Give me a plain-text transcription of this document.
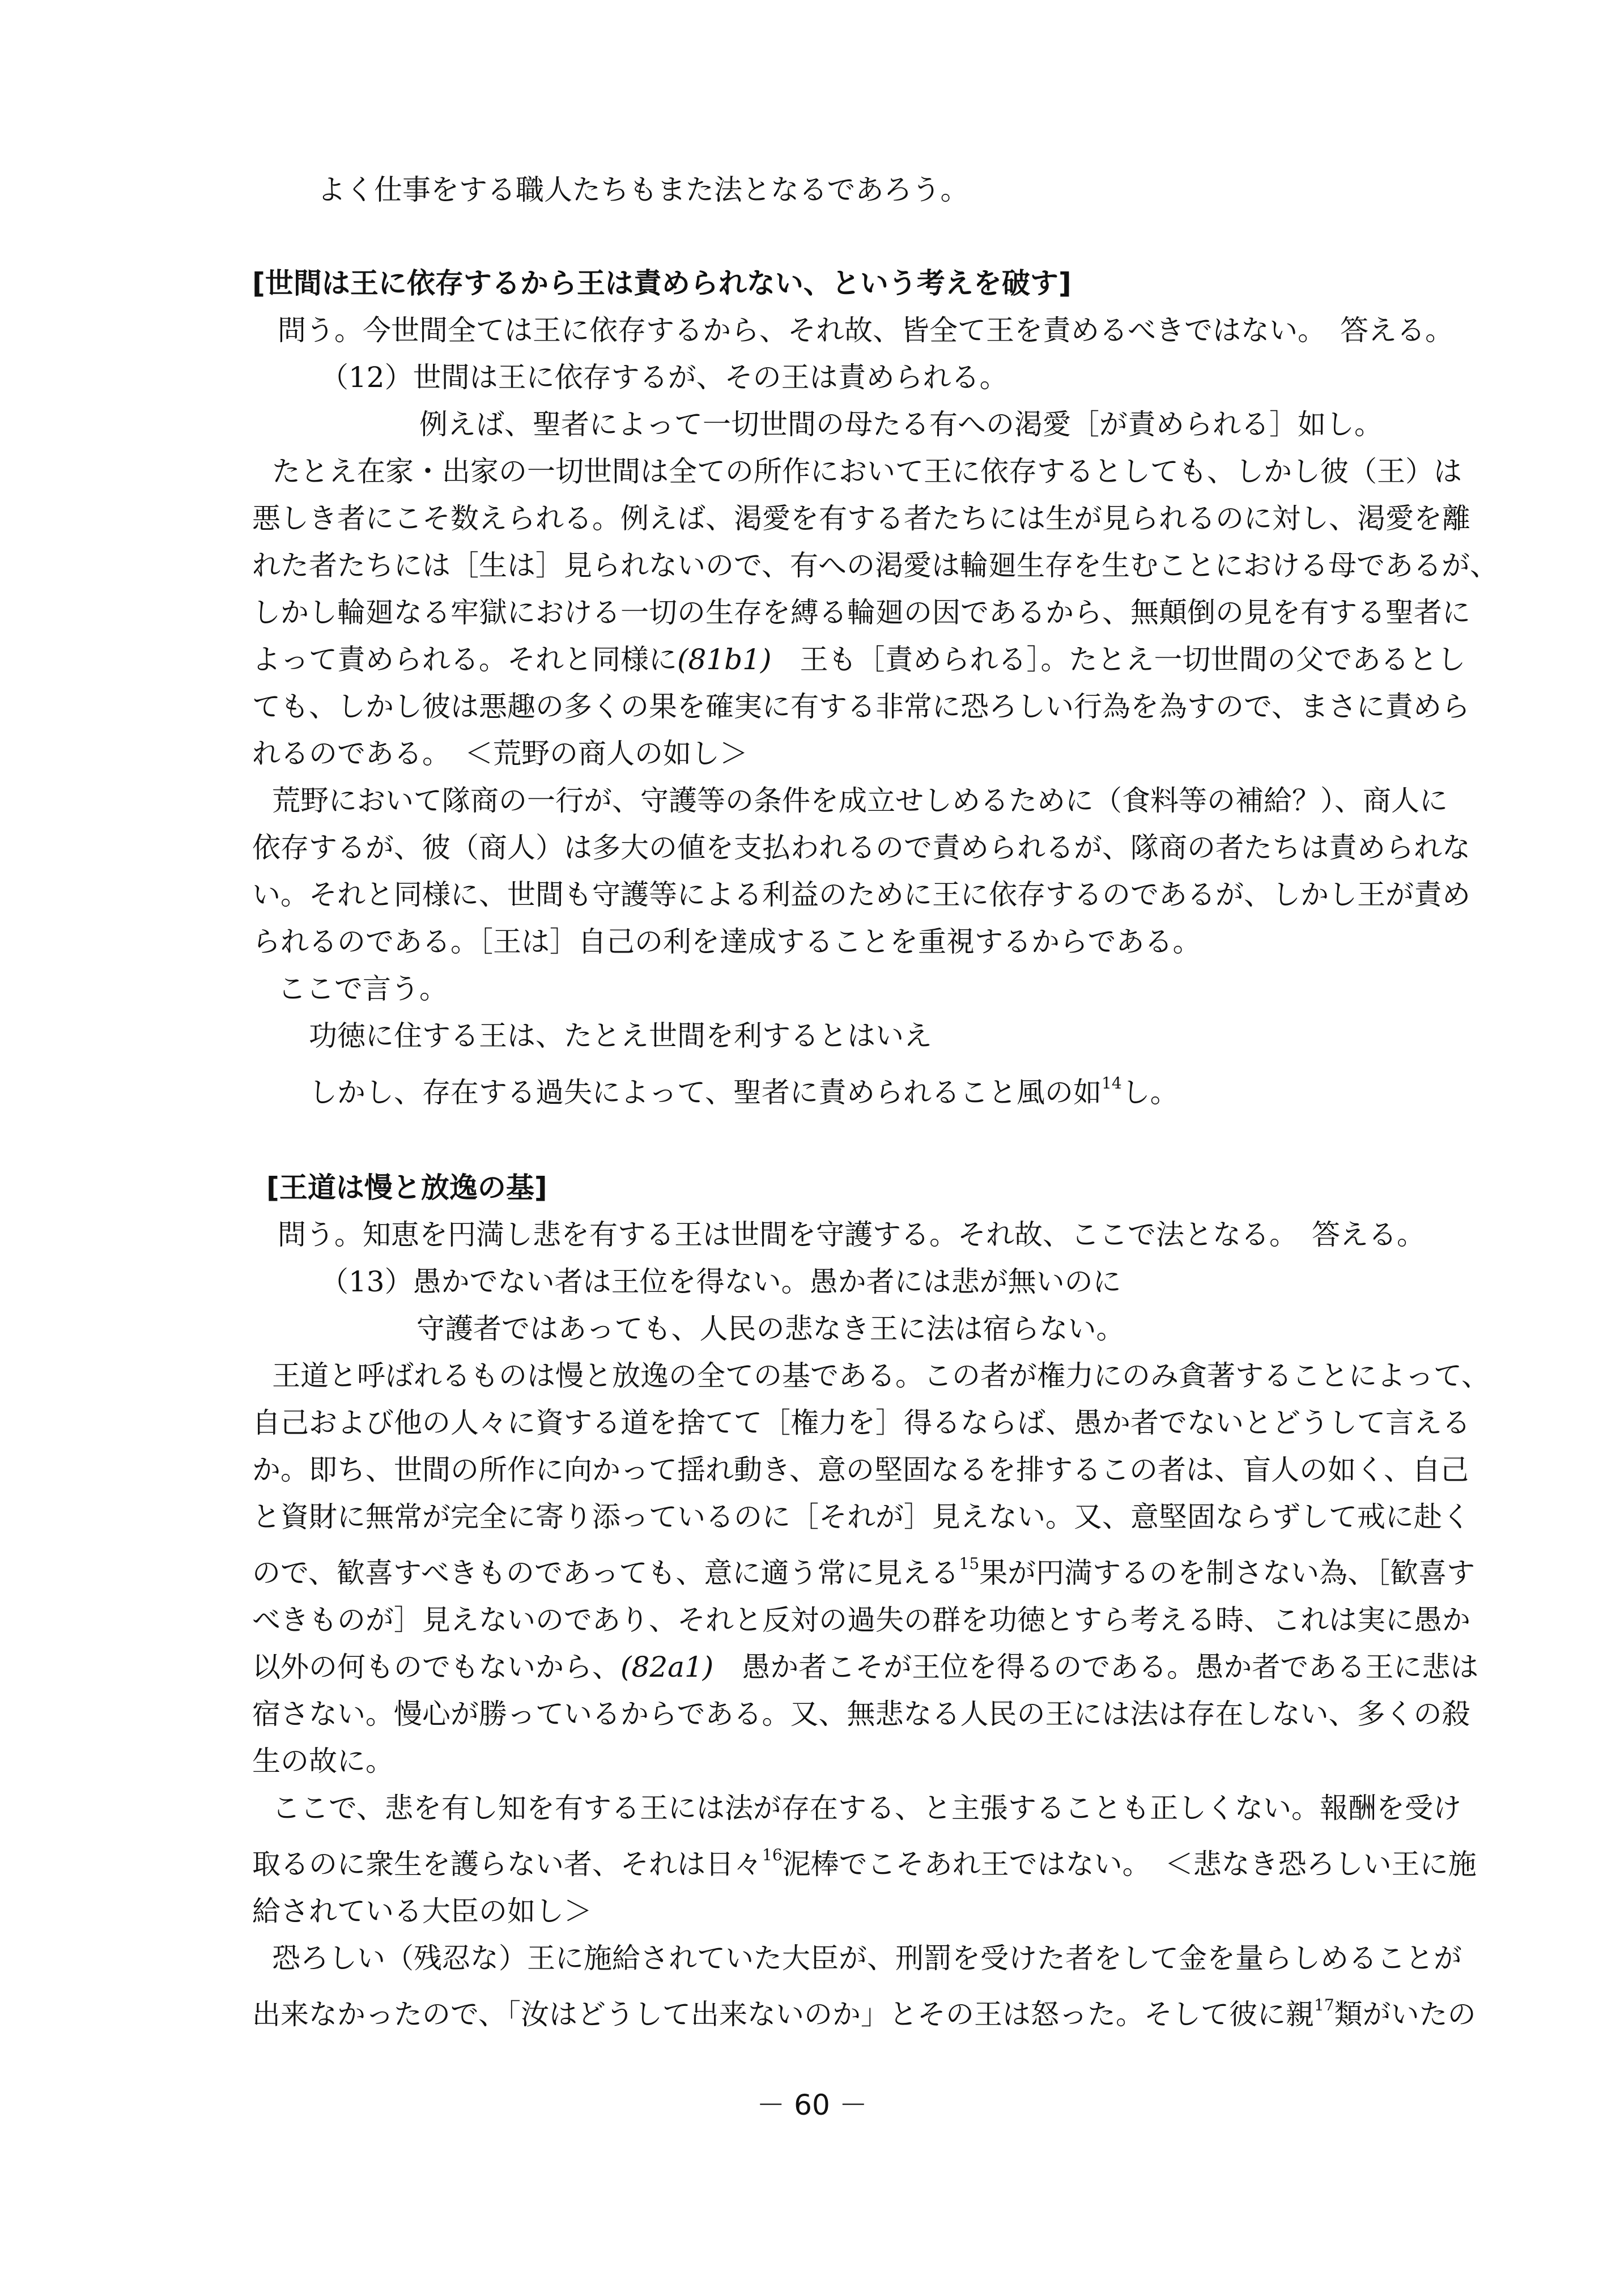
よく仕事をする職人たちもまた法となるであろう。

[世間は王に依存するから王は責められない、という考えを破す]

問う。今世間全ては王に依存するから、それ故、皆全て王を責めるべきではない。　答える。

（12）世間は王に依存するが、その王は責められる。

例えば、聖者によって一切世間の母たる有への渇愛［が責められる］如し。

たとえ在家・出家の一切世間は全ての所作において王に依存するとしても、しかし彼（王）は

悪しき者にこそ数えられる。例えば、渇愛を有する者たちには生が見られるのに対し、渇愛を離

れた者たちには［生は］見られないので、有への渇愛は輪廻生存を生むことにおける母であるが、

しかし輪廻なる牢獄における一切の生存を縛る輪廻の因であるから、無顛倒の見を有する聖者に

よって責められる。それと同様に(81b1)　王も［責められる］。たとえ一切世間の父であるとし

ても、しかし彼は悪趣の多くの果を確実に有する非常に恐ろしい行為を為すので、まさに責めら

れるのである。　＜荒野の商人の如し＞

荒野において隊商の一行が、守護等の条件を成立せしめるために（食料等の補給？）、商人に

依存するが、彼（商人）は多大の値を支払われるので責められるが、隊商の者たちは責められな

い。それと同様に、世間も守護等による利益のために王に依存するのであるが、しかし王が責め

られるのである。［王は］自己の利を達成することを重視するからである。

ここで言う。

功徳に住する王は、たとえ世間を利するとはいえ

しかし、存在する過失によって、聖者に責められること風の如$^{14}$し。

[王道は慢と放逸の基]

問う。知恵を円満し悲を有する王は世間を守護する。それ故、ここで法となる。　答える。

（13）愚かでない者は王位を得ない。愚か者には悲が無いのに

守護者ではあっても、人民の悲なき王に法は宿らない。

王道と呼ばれるものは慢と放逸の全ての基である。この者が権力にのみ貪著することによって、

自己および他の人々に資する道を捨てて［権力を］得るならば、愚か者でないとどうして言える

か。即ち、世間の所作に向かって揺れ動き、意の堅固なるを排するこの者は、盲人の如く、自己

と資財に無常が完全に寄り添っているのに［それが］見えない。又、意堅固ならずして戒に赴く

ので、歓喜すべきものであっても、意に適う常に見える$^{15}$果が円満するのを制さない為、［歓喜す

べきものが］見えないのであり、それと反対の過失の群を功徳とすら考える時、これは実に愚か

以外の何ものでもないから、(82a1)　愚か者こそが王位を得るのである。愚か者である王に悲は

宿さない。慢心が勝っているからである。又、無悲なる人民の王には法は存在しない、多くの殺

生の故に。

ここで、悲を有し知を有する王には法が存在する、と主張することも正しくない。報酬を受け

取るのに衆生を護らない者、それは日々$^{16}$泥棒でこそあれ王ではない。　＜悲なき恐ろしい王に施

給されている大臣の如し＞

恐ろしい（残忍な）王に施給されていた大臣が、刑罰を受けた者をして金を量らしめることが

出来なかったので、「汝はどうして出来ないのか」とその王は怒った。そして彼に親$^{17}$類がいたの

－ 60 －
